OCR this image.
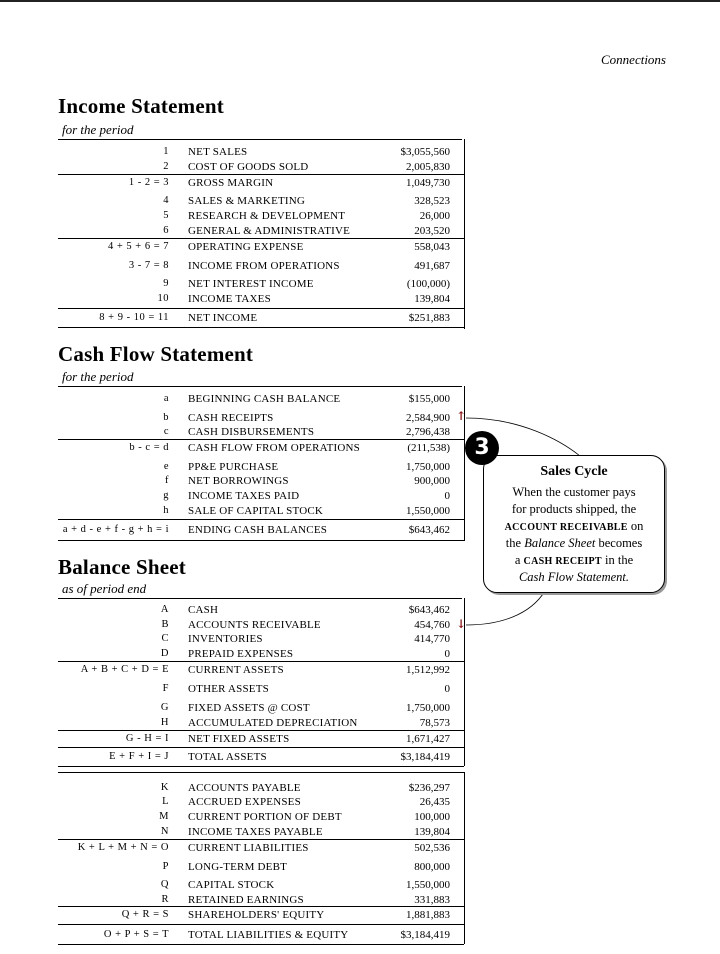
Connections
Income Statement
for the period
1 NET SALES	$3,055,560
2 COST OF GOODS SOLD	2,005,830
1 - 2 = 3 GROSS MARGIN	1,049,730
4 SALES & MARKETING	328,523
5 RESEARCH & DEVELOPMENT	26,000
6 GENERAL & ADMINISTRATIVE	203,520
4 + 5 + 6 = 7 OPERATING EXPENSE	558,043
3 - 7 = 8 INCOME FROM OPERATIONS	491,687
9 NET INTEREST INCOME	(100,000)
10 INCOME TAXES	139,804
8 + 9 - 10 = 11 NET INCOME	$251,883
Cash Flow Statement
for the period
a BEGINNING CASH BALANCE	$155,000
b CASH RECEIPTS	2,584,900
c CASH DISBURSEMENTS	2,796,438
b - c = d CASH FLOW FROM OPERATIONS	(211,538)
e PP&E PURCHASE	1,750,000
f NET BORROWINGS	900,000
g INCOME TAXES PAID	0
h SALE OF CAPITAL STOCK	1,550,000
a + d - e + f - g + h = i ENDING CASH BALANCES	$643,462
Balance Sheet
as of period end
A CASH	$643,462
B ACCOUNTS RECEIVABLE	454,760
C INVENTORIES	414,770
D PREPAID EXPENSES	0
A + B + C + D = E CURRENT ASSETS	1,512,992
F OTHER ASSETS	0
G FIXED ASSETS @ COST	1,750,000
H ACCUMULATED DEPRECIATION	78,573
G - H = I NET FIXED ASSETS	1,671,427
E + F + I = J TOTAL ASSETS	$3,184,419
K ACCOUNTS PAYABLE	$236,297
L ACCRUED EXPENSES	26,435
M CURRENT PORTION OF DEBT	100,000
N INCOME TAXES PAYABLE	139,804
K + L + M + N = O CURRENT LIABILITIES	502,536
P LONG-TERM DEBT	800,000
Q CAPITAL STOCK	1,550,000
R RETAINED EARNINGS	331,883
Q + R = S SHAREHOLDERS' EQUITY	1,881,883
O + P + S = T TOTAL LIABILITIES & EQUITY	$3,184,419
↑
↓
Sales Cycle
When the customer pays
for products shipped, the
ACCOUNT RECEIVABLE on
the Balance Sheet becomes
a CASH RECEIPT in the
Cash Flow Statement.
3
